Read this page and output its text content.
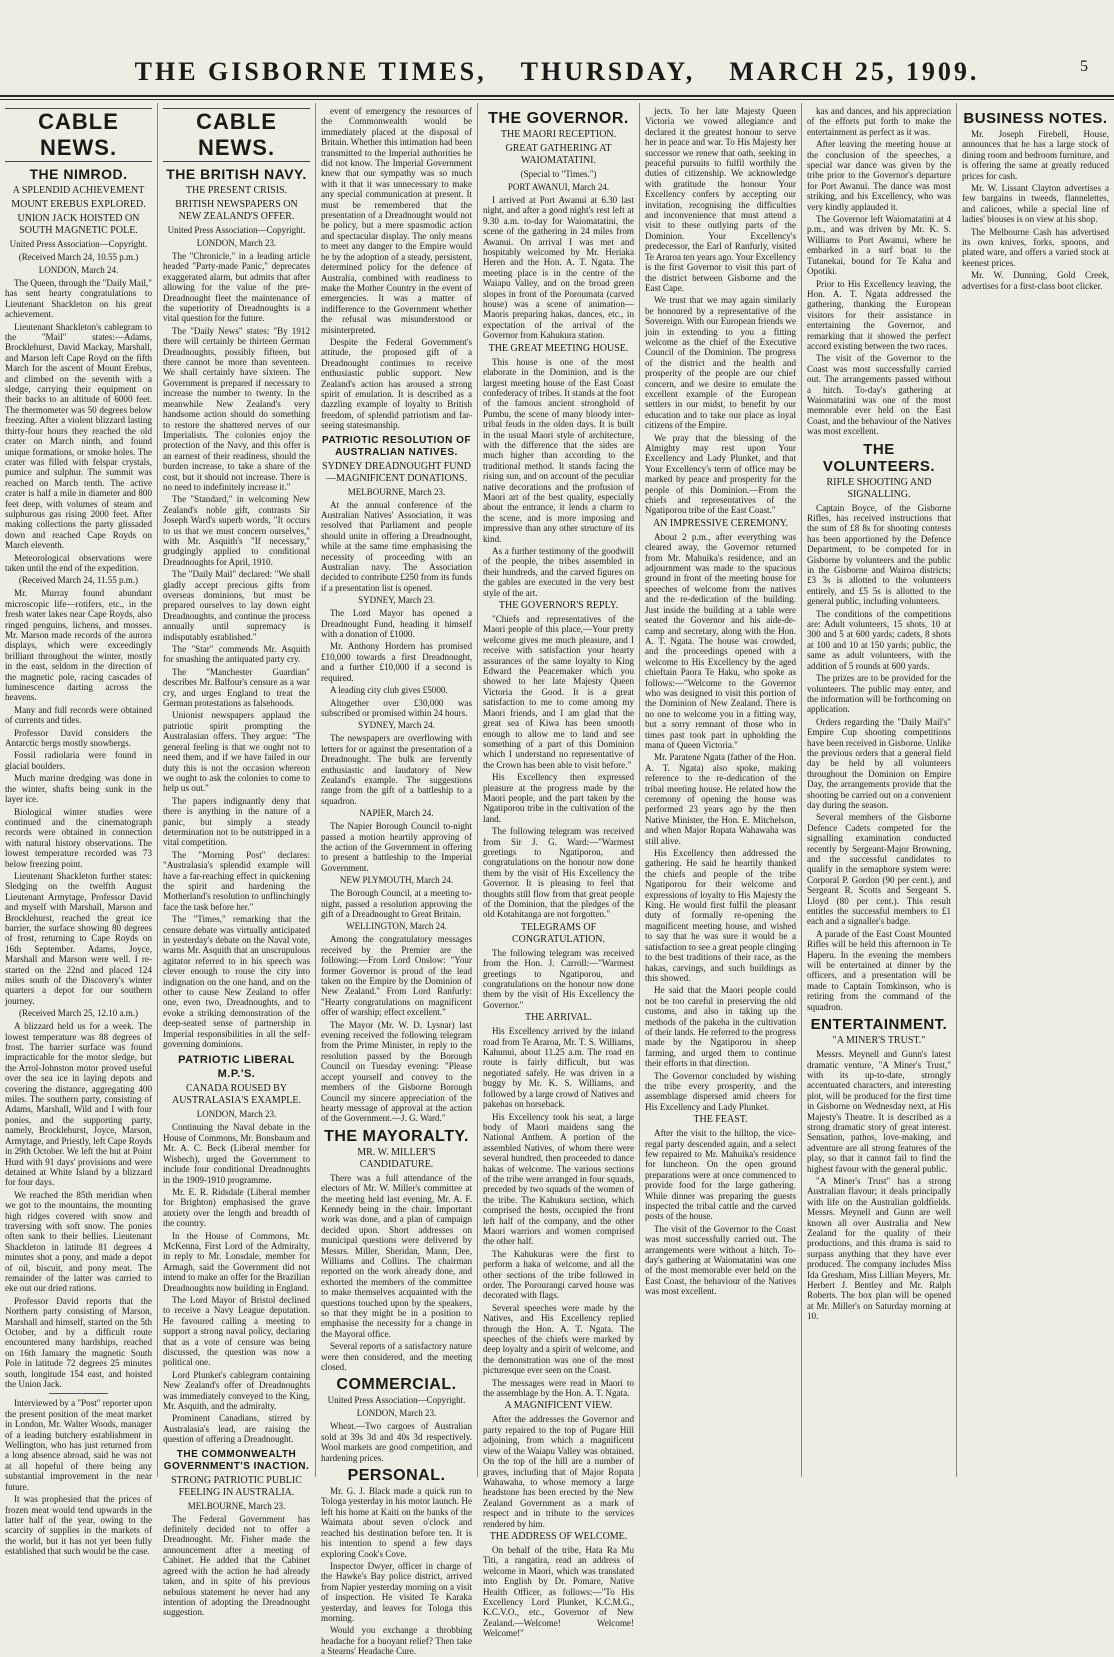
THE GISBORNE TIMES, THURSDAY, MARCH 25, 1909.	5
CABLE NEWS.
THE NIMROD.
A SPLENDID ACHIEVEMENT
MOUNT EREBUS EXPLORED.
UNION JACK HOISTED ON SOUTH MAGNETIC POLE.
United Press Association—Copyright.
(Received March 24, 10.55 p.m.)
LONDON, March 24.

The Queen, through the "Daily Mail," has sent hearty congratulations to Lieutenant Shackleton on his great achievement.

Lieutenant Shackleton's cablegram to the "Mail" states:—Adams, Brocklehurst, David Mackay, Marshall, and Marson left Cape Royd on the fifth March for the ascent of Mount Erebus, and climbed on the seventh with a sledge, carrying their equipment on their backs to an altitude of 6000 feet. The thermometer was 50 degrees below freezing. After a violent blizzard lasting thirty-four hours they reached the old crater on March ninth, and found unique formations, or smoke holes. The crater was filled with felspar crystals, pumice and sulphur. The summit was reached on March tenth. The active crater is half a mile in diameter and 800 feet deep, with volumes of steam and sulphurous gas rising 2000 feet. After making collections the party glissaded down and reached Cape Royds on March eleventh.

Meteorological observations were taken until the end of the expedition.

(Received March 24, 11.55 p.m.)

Mr. Murray found abundant microscopic life—rotifers, etc., in the fresh water lakes near Cape Royds, also ringed penguins, lichens, and mosses. Mr. Marson made records of the aurora displays, which were exceedingly brilliant throughout the winter, mostly in the east, seldom in the direction of the magnetic pole, racing cascades of luminescence darting across the heavens.

Many and full records were obtained of currents and tides.

Professor David considers the Antarctic bergs mostly snowbergs.

Fossil radiolaria were found in glacial boulders.

Much marine dredging was done in the winter, shafts being sunk in the layer ice.

Biological winter studies were continued and the cinematograph records were obtained in connection with natural history observations. The lowest temperature recorded was 73 below freezing point.

Lieutenant Shackleton further states: Sledging on the twelfth August Lieutenant Armytage, Professor David and myself with Marshall, Marson and Brocklehurst, reached the great ice barrier, the surface showing 80 degrees of frost, returning to Cape Royds on 16th September. Adams, Joyce, Marshall and Marson were well. I re-started on the 22nd and placed 124 miles south of the Discovery's winter quarters a depot for our southern journey.

(Received March 25, 12.10 a.m.)

A blizzard held us for a week. The lowest temperature was 88 degrees of frost. The barrier surface was found impracticable for the motor sledge, but the Arrol-Johnston motor proved useful over the sea ice in laying depots and covering the distance, aggregating 400 miles. The southern party, consisting of Adams, Marshall, Wild and I with four ponies, and the supporting party, namely, Brocklehurst, Joyce, Marson, Armytage, and Priestly, left Cape Royds in 29th October. We left the hut at Point Hurd with 91 days' provisions and were detained at White Island by a blizzard for four days.

We reached the 85th meridian when we got to the mountains, the mounting high ridges covered with snow and traversing with soft snow. The ponies often sank to their bellies. Lieutenant Shackleton in latitude 81 degrees 4 minutes shot a pony, and made a depot of oil, biscuit, and pony meat. The remainder of the latter was carried to eke out our dried rations.

Professor David reports that the Northern party consisting of Marson, Marshall and himself, started on the 5th October, and by a difficult route encountered many hardships, reached on 16th January the magnetic South Pole in latitude 72 degrees 25 minutes south, longitude 154 east, and hoisted the Union Jack.

Interviewed by a "Post" reporter upon the present position of the meat market in London, Mr. Walter Woods, manager of a leading butchery establishment in Wellington, who has just returned from a long absence abroad, said he was not at all hopeful of there being any substantial improvement in the near future.

It was prophesied that the prices of frozen meat would tend upwards in the latter half of the year, owing to the scarcity of supplies in the markets of the world, but it has not yet been fully established that such would be the case.

CABLE NEWS.
THE BRITISH NAVY.
THE PRESENT CRISIS.
BRITISH NEWSPAPERS ON NEW ZEALAND'S OFFER.
United Press Association—Copyright.
LONDON, March 23.

The "Chronicle," in a leading article headed "Party-made Panic," deprecates exaggerated alarm, but admits that after allowing for the value of the pre-Dreadnought fleet the maintenance of the superiority of Dreadnoughts is a vital question for the future.

The "Daily News" states: "By 1912 there will certainly be thirteen German Dreadnoughts, possibly fifteen, but there cannot be more than seventeen. We shall certainly have sixteen. The Government is prepared if necessary to increase the number to twenty. In the meanwhile New Zealand's very handsome action should do something to restore the shattered nerves of our Imperialists. The colonies enjoy the protection of the Navy, and this offer is an earnest of their readiness, should the burden increase, to take a share of the cost, but it should not increase. There is no need to indefinitely increase it."

The "Standard," in welcoming New Zealand's noble gift, contrasts Sir Joseph Ward's superb words, "It occurs to us that we must concern ourselves," with Mr. Asquith's "If necessary," grudgingly applied to conditional Dreadnoughts for April, 1910.

The "Daily Mail" declared: "We shall gladly accept precious gifts from overseas dominions, but must be prepared ourselves to lay down eight Dreadnoughts, and continue the process annually until supremacy is indisputably established."

The "Star" commends Mr. Asquith for smashing the antiquated party cry.

The "Manchester Guardian" describes Mr. Balfour's censure as a war cry, and urges England to treat the German protestations as falsehoods.

Unionist newspapers applaud the patriotic spirit prompting the Australasian offers. They argue: "The general feeling is that we ought not to need them, and if we have failed in our duty this is not the occasion whereon we ought to ask the colonies to come to help us out."

The papers indignantly deny that there is anything in the nature of a panic, but simply a steady determination not to be outstripped in a vital competition.

The "Morning Post" declares: "Australasia's splendid example will have a far-reaching effect in quickening the spirit and hardening the Motherland's resolution to unflinchingly face the task before her."

The "Times," remarking that the censure debate was virtually anticipated in yesterday's debate on the Naval vote, warns Mr. Asquith that an unscrupulous agitator referred to in his speech was clever enough to rouse the city into indignation on the one hand, and on the other to cause New Zealand to offer one, even two, Dreadnoughts, and to evoke a striking demonstration of the deep-seated sense of partnership in Imperial responsibilities in all the self-governing dominions.

PATRIOTIC LIBERAL M.P.'S.
CANADA ROUSED BY AUSTRALASIA'S EXAMPLE.
LONDON, March 23.

Continuing the Naval debate in the House of Commons, Mr. Bonsbaum and Mr. A. C. Beck (Liberal member for Wisbech), urged the Government to include four conditional Dreadnoughts in the 1909-1910 programme.

Mr. E. R. Ridsdale (Liberal member for Brighton) emphasised the grave anxiety over the length and breadth of the country.

In the House of Commons, Mr. McKenna, First Lord of the Admiralty, in reply to Mr. Lonsdale, member for Armagh, said the Government did not intend to make an offer for the Brazilian Dreadnoughts now building in England.

The Lord Mayor of Bristol declined to receive a Navy League deputation. He favoured calling a meeting to support a strong naval policy, declaring that as a vote of censure was being discussed, the question was now a political one.

Lord Plunket's cablegram containing New Zealand's offer of Dreadnoughts was immediately conveyed to the King, Mr. Asquith, and the admiralty.

Prominent Canadians, stirred by Australasia's lead, are raising the question of offering a Dreadnought.

THE COMMONWEALTH GOVERNMENT'S INACTION.
STRONG PATRIOTIC PUBLIC FEELING IN AUSTRALIA.
MELBOURNE, March 23.

The Federal Government has definitely decided not to offer a Dreadnought. Mr. Fisher made the announcement after a meeting of Cabinet. He added that the Cabinet agreed with the action he had already taken, and in spite of his previous nebulous statement he never had any intention of adopting the Dreadnought suggestion.

event of emergency the resources of the Commonwealth would be immediately placed at the disposal of Britain. Whether this intimation had been transmitted to the Imperial authorities he did not know. The Imperial Government knew that our sympathy was so much with it that it was unnecessary to make any special communication at present. It must be remembered that the presentation of a Dreadnought would not be policy, but a mere spasmodic action and spectacular display. The only means to meet any danger to the Empire would be by the adoption of a steady, persistent, determined policy for the defence of Australia, combined with readiness to make the Mother Country in the event of emergencies. It was a matter of indifference to the Government whether the refusal was misunderstood or misinterpreted.

Despite the Federal Government's attitude, the proposed gift of a Dreadnought continues to receive enthusiastic public support. New Zealand's action has aroused a strong spirit of emulation. It is described as a dazzling example of loyalty to British freedom, of splendid patriotism and far-seeing statesmanship.

PATRIOTIC RESOLUTION OF AUSTRALIAN NATIVES.
SYDNEY DREADNOUGHT FUND—MAGNIFICENT DONATIONS.
MELBOURNE, March 23.

At the annual conference of the Australian Natives' Association, it was resolved that Parliament and people should unite in offering a Dreadnought, while at the same time emphasising the necessity of proceeding with an Australian navy. The Association decided to contribute £250 from its funds if a presentation list is opened.

SYDNEY, March 23.

The Lord Mayor has opened a Dreadnought Fund, heading it himself with a donation of £1000.

Mr. Anthony Hordern has promised £10,000 towards a first Dreadnought, and a further £10,000 if a second is required.

A leading city club gives £5000.

Altogether over £30,000 was subscribed or promised within 24 hours.

SYDNEY, March 24.

The newspapers are overflowing with letters for or against the presentation of a Dreadnought. The bulk are fervently enthusiastic and laudatory of New Zealand's example. The suggestions range from the gift of a battleship to a squadron.

NAPIER, March 24.

The Napier Borough Council to-night passed a motion heartily approving of the action of the Government in offering to present a battleship to the Imperial Government.

NEW PLYMOUTH, March 24.

The Borough Council, at a meeting to-night, passed a resolution approving the gift of a Dreadnought to Great Britain.

WELLINGTON, March 24.

Among the congratulatory messages received by the Premier are the following:—From Lord Onslow: "Your former Governor is proud of the lead taken on the Empire by the Dominion of New Zealand." From Lord Ranfurly: "Hearty congratulations on magnificent offer of warship; effect excellent."

The Mayor (Mr. W. D. Lysnar) last evening received the following telegram from the Prime Minister, in reply to the resolution passed by the Borough Council on Tuesday evening: "Please accept yourself and convey to the members of the Gisborne Borough Council my sincere appreciation of the hearty message of approval at the action of the Government.—J. G. Ward."

THE MAYORALTY.
MR. W. MILLER'S CANDIDATURE.

There was a full attendance of the electors of Mr. W. Miller's committee at the meeting held last evening, Mr. A. F. Kennedy being in the chair. Important work was done, and a plan of campaign decided upon. Short addresses on municipal questions were delivered by Messrs. Miller, Sheridan, Mann, Dee, Williams and Collins. The chairman reported on the work already done, and exhorted the members of the committee to make themselves acquainted with the questions touched upon by the speakers, so that they might be in a position to emphasise the necessity for a change in the Mayoral office.

Several reports of a satisfactory nature were then considered, and the meeting closed.

COMMERCIAL.
United Press Association—Copyright.
LONDON, March 23.

Wheat.—Two cargoes of Australian sold at 39s 3d and 40s 3d respectively. Wool markets are good competition, and hardening prices.

PERSONAL.

Mr. G. J. Black made a quick run to Tologa yesterday in his motor launch. He left his home at Kaiti on the banks of the Waimata about seven o'clock and reached his destination before ten. It is his intention to spend a few days exploring Cook's Cove.

Inspector Dwyer, officer in charge of the Hawke's Bay police district, arrived from Napier yesterday morning on a visit of inspection. He visited Te Karaka yesterday, and leaves for Tologa this morning.

Would you exchange a throbbing headache for a buoyant relief? Then take a Stearns' Headache Cure.

THE GOVERNOR.
THE MAORI RECEPTION.
GREAT GATHERING AT WAIOMATATINI.
(Special to "Times.")
PORT AWANUI, March 24.

I arrived at Port Awanui at 6.30 last night, and after a good night's rest left at 9.30 a.m. to-day for Waiomatatini, the scene of the gathering in 24 miles from Awanui. On arrival I was met and hospitably welcomed by Mr. Heriaka Heren and the Hon. A. T. Ngata. The meeting place is in the centre of the Waiapu Valley, and on the broad green slopes in front of the Poroumata (carved house) was a scene of animation—Maoris preparing hakas, dances, etc., in expectation of the arrival of the Governor from Kahukura station.

THE GREAT MEETING HOUSE.

This house is one of the most elaborate in the Dominion, and is the largest meeting house of the East Coast confederacy of tribes. It stands at the foot of the famous ancient stronghold of Pumbu, the scene of many bloody inter-tribal feuds in the olden days. It is built in the usual Maori style of architecture, with the difference that the sides are much higher than according to the traditional method. It stands facing the rising sun, and on account of the peculiar native decorations and the profusion of Maori art of the best quality, especially about the entrance, it lends a charm to the scene, and is more imposing and impressive than any other structure of its kind.

As a further testimony of the goodwill of the people, the tribes assembled in their hundreds, and the carved figures on the gables are executed in the very best style of the art.

THE GOVERNOR'S REPLY.

"Chiefs and representatives of the Maori people of this place,—Your pretty welcome gives me much pleasure, and I receive with satisfaction your hearty assurances of the same loyalty to King Edward the Peacemaker which you showed to her late Majesty Queen Victoria the Good. It is a great satisfaction to me to come among my Maori friends, and I am glad that the great sea of Kiwa has been smooth enough to allow me to land and see something of a part of this Dominion which I understand no representative of the Crown has been able to visit before."

His Excellency then expressed pleasure at the progress made by the Maori people, and the part taken by the Ngatiporou tribe in the cultivation of the land.

The following telegram was received from Sir J. G. Ward:—"Warmest greetings to Ngatiporou, and congratulations on the honour now done them by the visit of His Excellency the Governor. It is pleasing to feel that thoughts still flow from that great people of the Dominion, that the pledges of the old Kotahitanga are not forgotten."

TELEGRAMS OF CONGRATULATION.

The following telegram was received from the Hon. J. Carroll:—"Warmest greetings to Ngatiporou, and congratulations on the honour now done them by the visit of His Excellency the Governor."

THE ARRIVAL.

His Excellency arrived by the inland road from Te Araroa, Mr. T. S. Williams, Kahunui, about 11.25 a.m. The road en route is fairly difficult, but was negotiated safely. He was driven in a buggy by Mr. K. S. Williams, and followed by a large crowd of Natives and pakehas on horseback.

His Excellency took his seat, a large body of Maori maidens sang the National Anthem. A portion of the assembled Natives, of whom there were several hundred, then proceeded to dance hakas of welcome. The various sections of the tribe were arranged in four squads, preceded by two squads of the women of the tribe. The Kahukura section, which comprised the hosts, occupied the front left half of the company, and the other Maori warriors and women comprised the other half.

The Kahukuras were the first to perform a haka of welcome, and all the other sections of the tribe followed in order. The Porourangi carved house was decorated with flags.

Several speeches were made by the Natives, and His Excellency replied through the Hon. A. T. Ngata. The speeches of the chiefs were marked by deep loyalty and a spirit of welcome, and the demonstration was one of the most picturesque ever seen on the Coast.

The messages were read in Maori to the assemblage by the Hon. A. T. Ngata.

A MAGNIFICENT VIEW.

After the addresses the Governor and party repaired to the top of Pugare Hill adjoining, from which a magnificent view of the Waiapu Valley was obtained. On the top of the hill are a number of graves, including that of Major Ropata Wahawaha, to whose memory a large headstone has been erected by the New Zealand Government as a mark of respect and in tribute to the services rendered by him.

THE ADDRESS OF WELCOME.

On behalf of the tribe, Hata Ra Mu Titi, a rangatira, read an address of welcome in Maori, which was translated into English by Dr. Pomare, Native Health Officer, as follows:—"To His Excellency Lord Plunket, K.C.M.G., K.C.V.O., etc., Governor of New Zealand.—Welcome! Welcome! Welcome!"

jects. To her late Majesty Queen Victoria we vowed allegiance and declared it the greatest honour to serve her in peace and war. To His Majesty her successor we renew that oath, seeking in peaceful pursuits to fulfil worthily the duties of citizenship. We acknowledge with gratitude the honour Your Excellency confers by accepting our invitation, recognising the difficulties and inconvenience that must attend a visit to these outlying parts of the Dominion. Your Excellency's predecessor, the Earl of Ranfurly, visited Te Araroa ten years ago. Your Excellency is the first Governor to visit this part of the district between Gisborne and the East Cape.

We trust that we may again similarly be honoured by a representative of the Sovereign. With our European friends we join in extending to you a fitting welcome as the chief of the Executive Council of the Dominion. The progress of the district and the health and prosperity of the people are our chief concern, and we desire to emulate the excellent example of the European settlers in our midst, to benefit by our education and to take our place as loyal citizens of the Empire.

We pray that the blessing of the Almighty may rest upon Your Excellency and Lady Plunket, and that Your Excellency's term of office may be marked by peace and prosperity for the people of this Dominion.—From the chiefs and representatives of the Ngatiporou tribe of the East Coast."

AN IMPRESSIVE CEREMONY.

About 2 p.m., after everything was cleared away, the Governor returned from Mr. Mahuika's residence, and an adjournment was made to the spacious ground in front of the meeting house for speeches of welcome from the natives and the re-dedication of the building. Just inside the building at a table were seated the Governor and his aide-de-camp and secretary, along with the Hon. A. T. Ngata. The house was crowded, and the proceedings opened with a welcome to His Excellency by the aged chieftain Paora Te Haku, who spoke as follows:—"Welcome to the Governor who was designed to visit this portion of the Dominion of New Zealand. There is no one to welcome you in a fitting way, but a sorry remnant of those who in times past took part in upholding the mana of Queen Victoria."

Mr. Paratene Ngata (father of the Hon. A. T. Ngata) also spoke, making reference to the re-dedication of the tribal meeting house. He related how the ceremony of opening the house was performed 23 years ago by the then Native Minister, the Hon. E. Mitchelson, and when Major Ropata Wahawaha was still alive.

His Excellency then addressed the gathering. He said he heartily thanked the chiefs and people of the tribe Ngatiporou for their welcome and expressions of loyalty to His Majesty the King. He would first fulfil the pleasant duty of formally re-opening the magnificent meeting house, and wished to say that he was sure it would be a satisfaction to see a great people clinging to the best traditions of their race, as the hakas, carvings, and such buildings as this showed.

He said that the Maori people could not be too careful in preserving the old customs, and also in taking up the methods of the pakeha in the cultivation of their lands. He referred to the progress made by the Ngatiporou in sheep farming, and urged them to continue their efforts in that direction.

The Governor concluded by wishing the tribe every prosperity, and the assemblage dispersed amid cheers for His Excellency and Lady Plunket.

THE FEAST.

After the visit to the hilltop, the vice-regal party descended again, and a select few repaired to Mr. Mahuika's residence for luncheon. On the open ground preparations were at once commenced to provide food for the large gathering. While dinner was preparing the guests inspected the tribal cattle and the carved posts of the house.

The visit of the Governor to the Coast was most successfully carried out. The arrangements were without a hitch. To-day's gathering at Waiomatatini was one of the most memorable ever held on the East Coast, the behaviour of the Natives was most excellent.

kas and dances, and his appreciation of the efforts put forth to make the entertainment as perfect as it was.

After leaving the meeting house at the conclusion of the speeches, a special war dance was given by the tribe prior to the Governor's departure for Port Awanui. The dance was most striking, and his Excellency, who was very kindly applauded it.

The Governor left Waiomatatini at 4 p.m., and was driven by Mr. K. S. Williams to Port Awanui, where he embarked in a surf boat to the Tutanekai, bound for Te Kaha and Opotiki.

Prior to His Excellency leaving, the Hon. A. T. Ngata addressed the gathering, thanking the European visitors for their assistance in entertaining the Governor, and remarking that it showed the perfect accord existing between the two races.

The visit of the Governor to the Coast was most successfully carried out. The arrangements passed without a hitch. To-day's gathering at Waiomatatini was one of the most memorable ever held on the East Coast, and the behaviour of the Natives was most excellent.

THE VOLUNTEERS.
RIFLE SHOOTING AND SIGNALLING.

Captain Boyce, of the Gisborne Rifles, has received instructions that the sum of £8 8s for shooting contests has been apportioned by the Defence Department, to be competed for in Gisborne by volunteers and the public in the Gisborne and Wairoa districts; £3 3s is allotted to the volunteers entirely, and £5 5s is allotted to the general public, including volunteers.

The conditions of the competitions are: Adult volunteers, 15 shots, 10 at 300 and 5 at 600 yards; cadets, 8 shots at 100 and 10 at 150 yards; public, the same as adult volunteers, with the addition of 5 rounds at 600 yards.

The prizes are to be provided for the volunteers. The public may enter, and the information will be forthcoming on application.

Orders regarding the "Daily Mail's" Empire Cup shooting competitions have been received in Gisborne. Unlike the previous orders that a general field day be held by all volunteers throughout the Dominion on Empire Day, the arrangements provide that the shooting be carried out on a convenient day during the season.

Several members of the Gisborne Defence Cadets competed for the signalling examination conducted recently by Sergeant-Major Browning, and the successful candidates to qualify in the semaphore system were: Corporal P. Gordon (90 per cent.), and Sergeant R. Scotts and Sergeant S. Lloyd (80 per cent.). This result entitles the successful members to £1 each and a signaller's badge.

A parade of the East Coast Mounted Rifles will be held this afternoon in Te Haperu. In the evening the members will be entertained at dinner by the officers, and a presentation will be made to Captain Tomkinson, who is retiring from the command of the squadron.

ENTERTAINMENT.
"A MINER'S TRUST."

Messrs. Meynell and Gunn's latest dramatic venture, "A Miner's Trust," with its up-to-date, strongly accentuated characters, and interesting plot, will be produced for the first time in Gisborne on Wednesday next, at His Majesty's Theatre. It is described as a strong dramatic story of great interest. Sensation, pathos, love-making, and adventure are all strong features of the play, so that it cannot fail to find the highest favour with the general public.

"A Miner's Trust" has a strong Australian flavour; it deals principally with life on the Australian goldfields. Messrs. Meynell and Gunn are well known all over Australia and New Zealand for the quality of their productions, and this drama is said to surpass anything that they have ever produced. The company includes Miss Ida Gresham, Miss Lillian Meyers, Mr. Herbert J. Bentley and Mr. Ralph Roberts. The box plan will be opened at Mr. Miller's on Saturday morning at 10.

BUSINESS NOTES.

Mr. Joseph Firebell, House, announces that he has a large stock of dining room and bedroom furniture, and is offering the same at greatly reduced prices for cash.

Mr. W. Lissant Clayton advertises a few bargains in tweeds, flannelettes, and calicoes, while a special line of ladies' blouses is on view at his shop.

The Melbourne Cash has advertised its own knives, forks, spoons, and plated ware, and offers a varied stock at keenest prices.

Mr. W. Dunning, Gold Creek, advertises for a first-class boot clicker.
